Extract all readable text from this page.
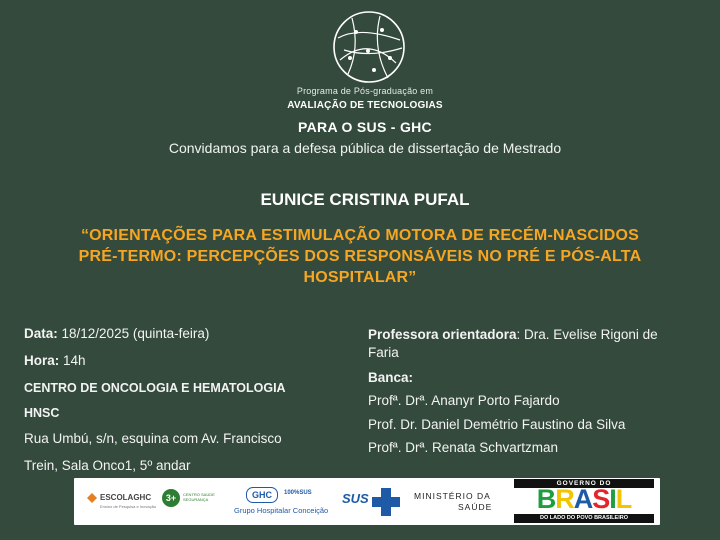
Programa de Pós-graduação em
AVALIAÇÃO DE TECNOLOGIAS
PARA O SUS - GHC
Convidamos para a defesa pública de dissertação de Mestrado
EUNICE CRISTINA PUFAL
“ORIENTAÇÕES PARA ESTIMULAÇÃO MOTORA DE RECÉM-NASCIDOS
PRÉ-TERMO: PERCEPÇÕES DOS RESPONSÁVEIS NO PRÉ E PÓS-ALTA
HOSPITALAR”
Data: 18/12/2025 (quinta-feira)
Hora: 14h
CENTRO DE ONCOLOGIA E HEMATOLOGIA
HNSC
Rua Umbú, s/n, esquina com Av. Francisco
Trein, Sala Onco1, 5º andar
Professora orientadora: Dra. Evelise Rigoni de
Faria
Banca:
Profª. Drª. Ananyr Porto Fajardo
Prof. Dr. Daniel Demétrio Faustino da Silva
Profª. Drª. Renata Schvartzman
ESCOLAGHC
Ensino de Pesquisa e Inovação
3+	CENTRO SAÚDE SEGURANÇA	GHC	100%SUS
Grupo Hospitalar Conceição
SUS	MINISTÉRIO DA
SAÚDE
GOVERNO DO
BRASIL
DO LADO DO POVO BRASILEIRO
